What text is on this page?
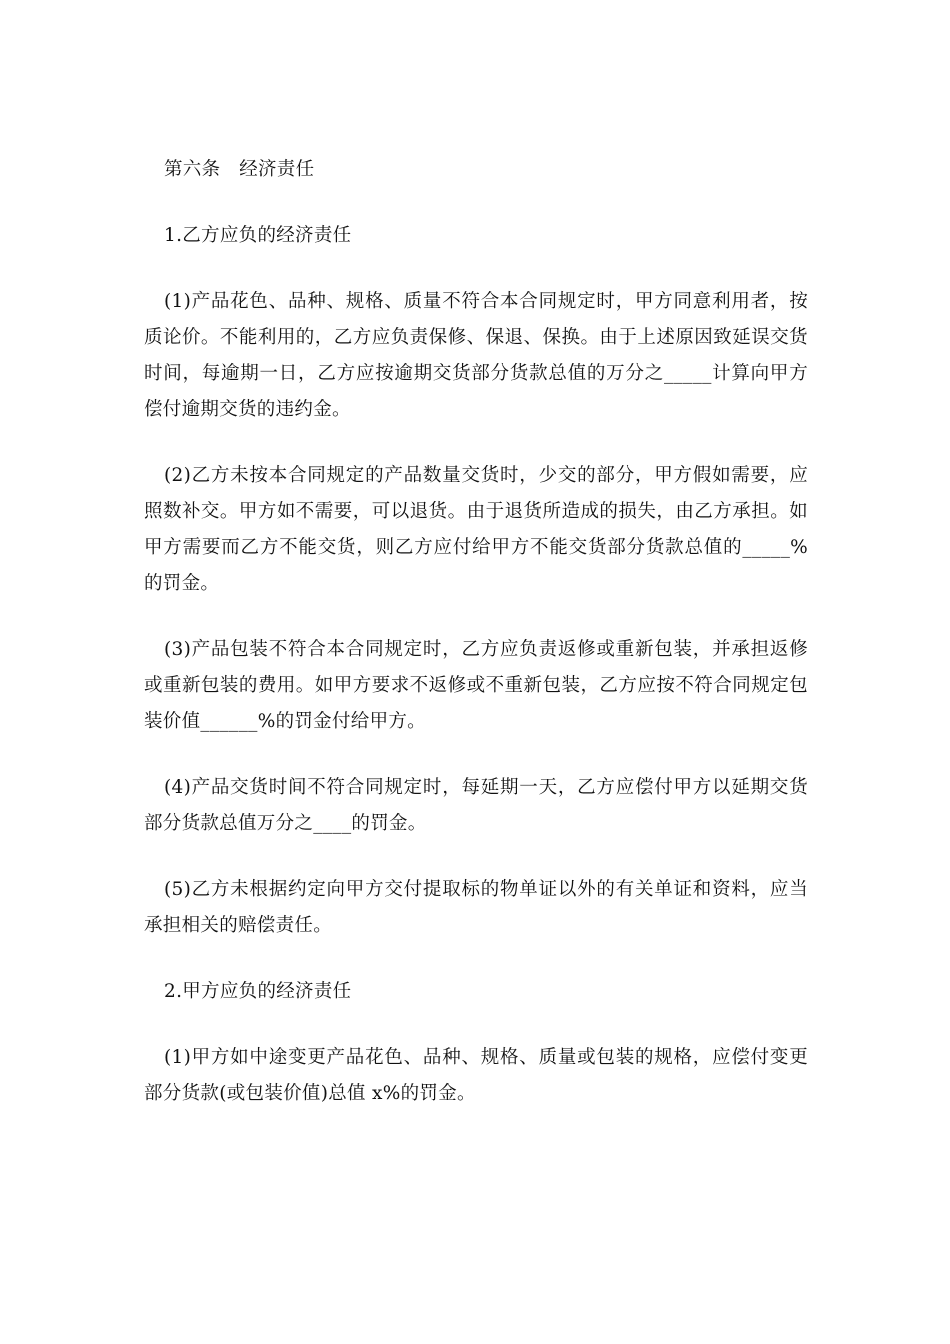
第六条　经济责任

1.乙方应负的经济责任

(1)产品花色、品种、规格、质量不符合本合同规定时，甲方同意利用者，按质论价。不能利用的，乙方应负责保修、保退、保换。由于上述原因致延误交货时间，每逾期一日，乙方应按逾期交货部分货款总值的万分之_____计算向甲方偿付逾期交货的违约金。

(2)乙方未按本合同规定的产品数量交货时，少交的部分，甲方假如需要，应照数补交。甲方如不需要，可以退货。由于退货所造成的损失，由乙方承担。如甲方需要而乙方不能交货，则乙方应付给甲方不能交货部分货款总值的_____%的罚金。

(3)产品包装不符合本合同规定时，乙方应负责返修或重新包装，并承担返修或重新包装的费用。如甲方要求不返修或不重新包装，乙方应按不符合同规定包装价值______%的罚金付给甲方。

(4)产品交货时间不符合同规定时，每延期一天，乙方应偿付甲方以延期交货部分货款总值万分之____的罚金。

(5)乙方未根据约定向甲方交付提取标的物单证以外的有关单证和资料，应当承担相关的赔偿责任。

2.甲方应负的经济责任

(1)甲方如中途变更产品花色、品种、规格、质量或包装的规格，应偿付变更部分货款(或包装价值)总值 x%的罚金。
